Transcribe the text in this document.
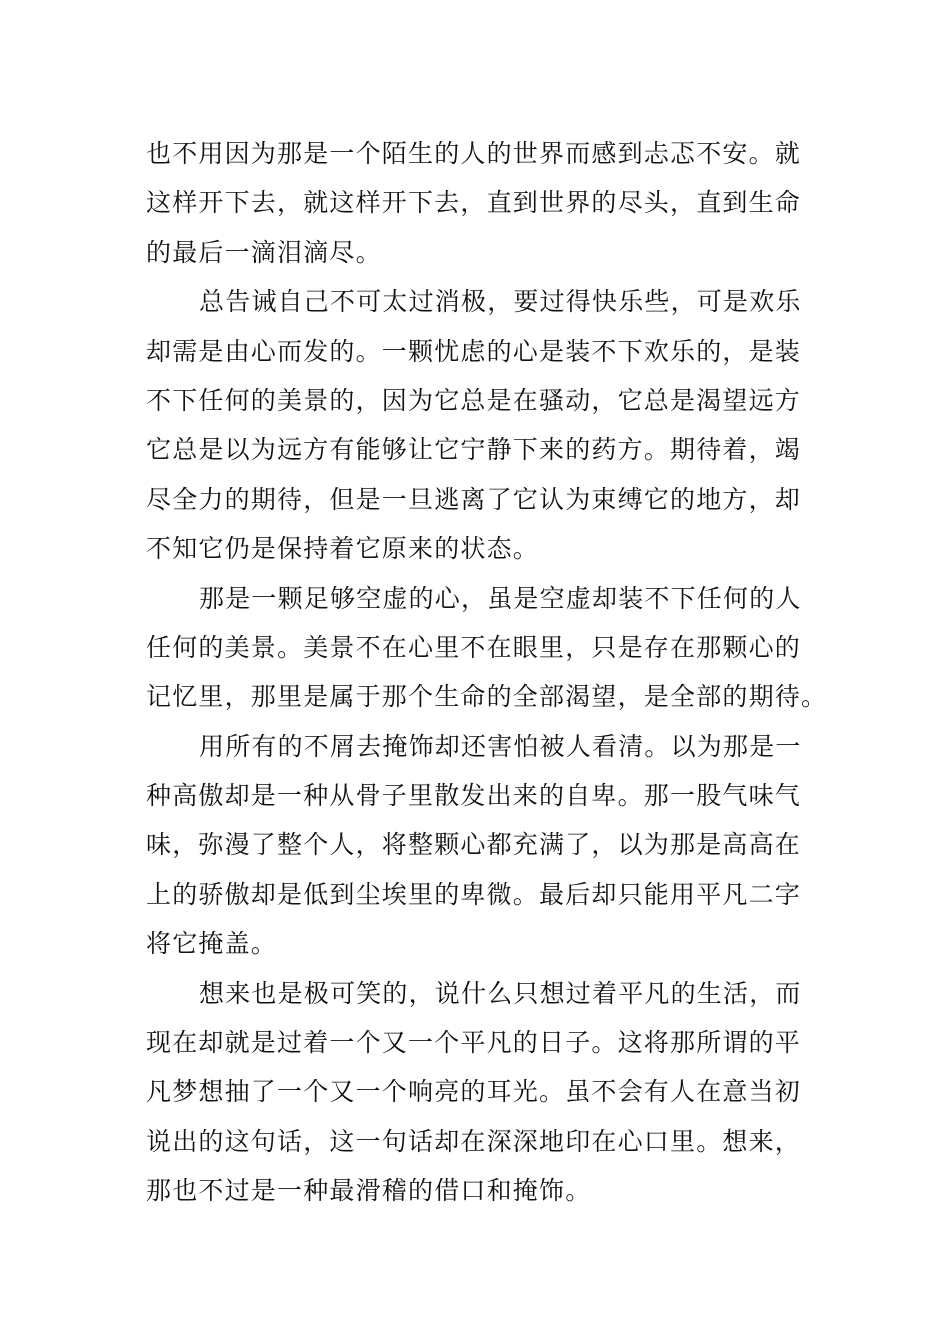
也不用因为那是一个陌生的人的世界而感到忐忑不安。就
这样开下去，就这样开下去，直到世界的尽头，直到生命
的最后一滴泪滴尽。
总告诫自己不可太过消极，要过得快乐些，可是欢乐
却需是由心而发的。一颗忧虑的心是装不下欢乐的，是装
不下任何的美景的，因为它总是在骚动，它总是渴望远方
它总是以为远方有能够让它宁静下来的药方。期待着，竭
尽全力的期待，但是一旦逃离了它认为束缚它的地方，却
不知它仍是保持着它原来的状态。
那是一颗足够空虚的心，虽是空虚却装不下任何的人
任何的美景。美景不在心里不在眼里，只是存在那颗心的
记忆里，那里是属于那个生命的全部渴望，是全部的期待。
用所有的不屑去掩饰却还害怕被人看清。以为那是一
种高傲却是一种从骨子里散发出来的自卑。那一股气味气
味，弥漫了整个人，将整颗心都充满了，以为那是高高在
上的骄傲却是低到尘埃里的卑微。最后却只能用平凡二字
将它掩盖。
想来也是极可笑的，说什么只想过着平凡的生活，而
现在却就是过着一个又一个平凡的日子。这将那所谓的平
凡梦想抽了一个又一个响亮的耳光。虽不会有人在意当初
说出的这句话，这一句话却在深深地印在心口里。想来，
那也不过是一种最滑稽的借口和掩饰。
